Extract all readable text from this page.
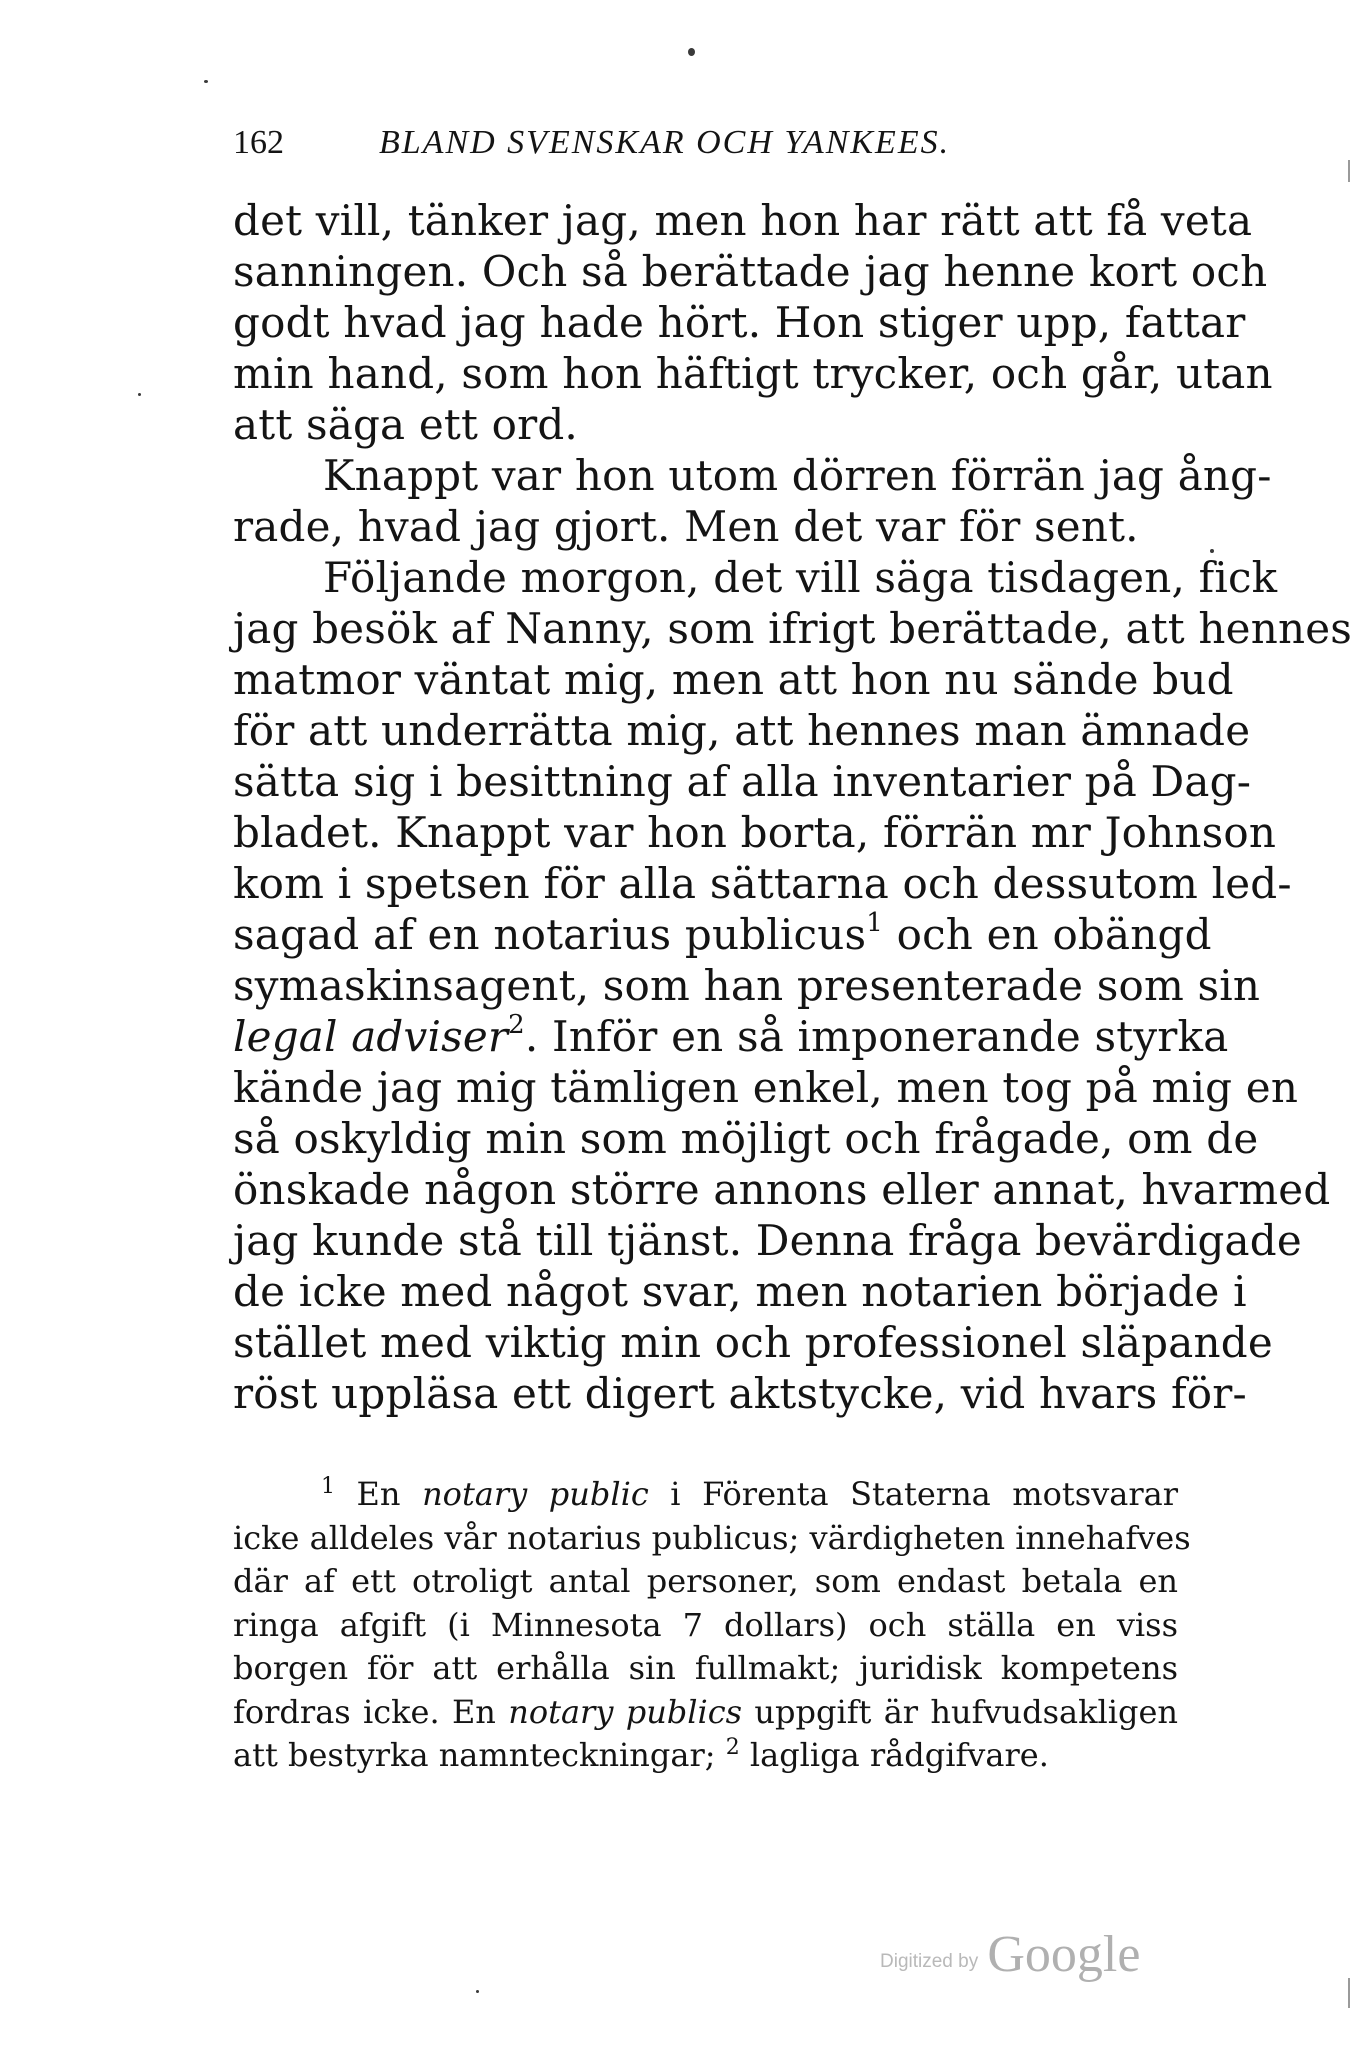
162	BLAND SVENSKAR OCH YANKEES.
det vill, tänker jag, men hon har rätt att få veta
sanningen. Och så berättade jag henne kort och
godt hvad jag hade hört. Hon stiger upp, fattar
min hand, som hon häftigt trycker, och går, utan
att säga ett ord.
Knappt var hon utom dörren förrän jag ång-
rade, hvad jag gjort. Men det var för sent.
Följande morgon, det vill säga tisdagen, fick
jag besök af Nanny, som ifrigt berättade, att hennes
matmor väntat mig, men att hon nu sände bud
för att underrätta mig, att hennes man ämnade
sätta sig i besittning af alla inventarier på Dag-
bladet. Knappt var hon borta, förrän mr Johnson
kom i spetsen för alla sättarna och dessutom led-
sagad af en notarius publicus$^1$ och en obängd
symaskinsagent, som han presenterade som sin
legal adviser$^2$. Inför en så imponerande styrka
kände jag mig tämligen enkel, men tog på mig en
så oskyldig min som möjligt och frågade, om de
önskade någon större annons eller annat, hvarmed
jag kunde stå till tjänst. Denna fråga bevärdigade
de icke med något svar, men notarien började i
stället med viktig min och professionel släpande
röst uppläsa ett digert aktstycke, vid hvars för-
$^1$ En notary public i Förenta Staterna motsvarar
icke alldeles vår notarius publicus; värdigheten innehafves
där af ett otroligt antal personer, som endast betala en
ringa afgift (i Minnesota 7 dollars) och ställa en viss
borgen för att erhålla sin fullmakt; juridisk kompetens
fordras icke. En notary publics uppgift är hufvudsakligen
att bestyrka namnteckningar; $^2$ lagliga rådgifvare.
Digitized by Google
